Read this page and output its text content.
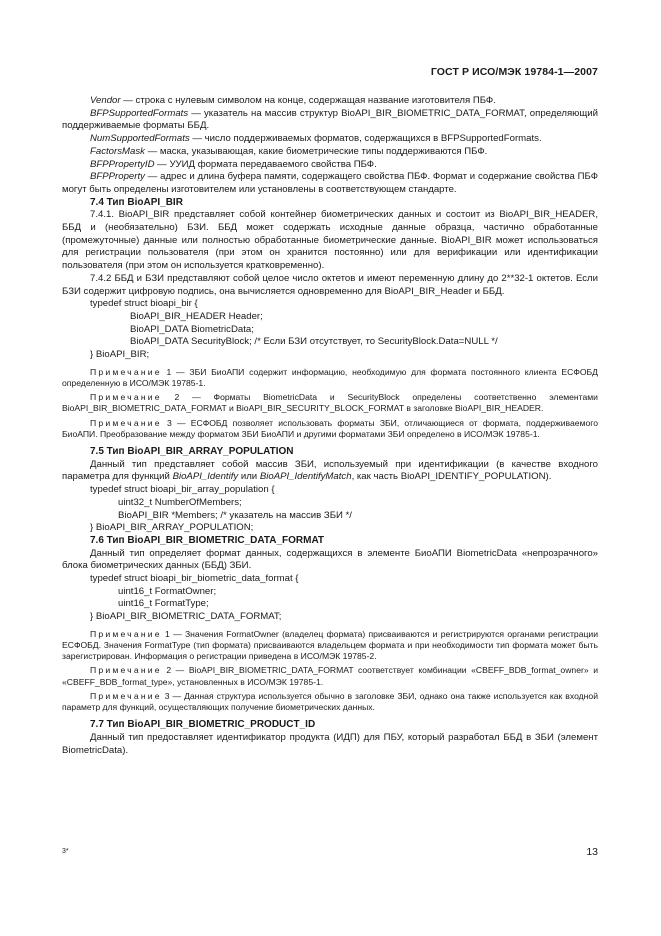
ГОСТ Р ИСО/МЭК 19784-1—2007

Vendor — строка с нулевым символом на конце, содержащая название изготовителя ПБФ.

BFPSupportedFormats — указатель на массив структур BioAPI_BIR_BIOMETRIC_DATA_FORMAT, определяющий поддерживаемые форматы ББД.

NumSupportedFormats — число поддерживаемых форматов, содержащихся в BFPSupportedFormats.

FactorsMask — маска, указывающая, какие биометрические типы поддерживаются ПБФ.

BFPPropertyID — УУИД формата передаваемого свойства ПБФ.

BFPProperty — адрес и длина буфера памяти, содержащего свойства ПБФ. Формат и содержание свойства ПБФ могут быть определены изготовителем или установлены в соответствующем стандарте.

7.4 Тип BioAPI_BIR

7.4.1. BioAPI_BIR представляет собой контейнер биометрических данных и состоит из BioAPI_BIR_HEADER, ББД и (необязательно) БЗИ. ББД может содержать исходные данные образца, частично обработанные (промежуточные) данные или полностью обработанные биометрические данные. BioAPI_BIR может использоваться для регистрации пользователя (при этом он хранится постоянно) или для верификации или идентификации пользователя (при этом он используется кратковременно).

7.4.2 ББД и БЗИ представляют собой целое число октетов и имеют переменную длину до 2**32-1 октетов. Если БЗИ содержит цифровую подпись, она вычисляется одновременно для BioAPI_BIR_Header и ББД.

typedef struct bioapi_bir {

BioAPI_BIR_HEADER Header;

BioAPI_DATA BiometricData;

BioAPI_DATA SecurityBlock; /* Если БЗИ отсутствует, то SecurityBlock.Data=NULL */

} BioAPI_BIR;

Примечание 1 — ЗБИ БиоАПИ содержит информацию, необходимую для формата постоянного клиента ЕСФОБД определенную в ИСО/МЭК 19785-1.

Примечание 2 — Форматы BiometricData и SecurityBlock определены соответственно элементами BioAPI_BIR_BIOMETRIC_DATA_FORMAT и BioAPI_BIR_SECURITY_BLOCK_FORMAT в заголовке BioAPI_BIR_HEADER.

Примечание 3 — ЕСФОБД позволяет использовать форматы ЗБИ, отличающиеся от формата, поддерживаемого БиоАПИ. Преобразование между форматом ЗБИ БиоАПИ и другими форматами ЗБИ определено в ИСО/МЭК 19785-1.

7.5 Тип BioAPI_BIR_ARRAY_POPULATION

Данный тип представляет собой массив ЗБИ, используемый при идентификации (в качестве входного параметра для функций BioAPI_Identify или BioAPI_IdentifyMatch, как часть BioAPI_IDENTIFY_POPULATION).

typedef struct bioapi_bir_array_population {

uint32_t NumberOfMembers;

BioAPI_BIR *Members; /* указатель на массив ЗБИ */

} BioAPI_BIR_ARRAY_POPULATION;

7.6 Тип BioAPI_BIR_BIOMETRIC_DATA_FORMAT

Данный тип определяет формат данных, содержащихся в элементе БиоАПИ BiometricData «непрозрачного» блока биометрических данных (ББД) ЗБИ.

typedef struct bioapi_bir_biometric_data_format {

uint16_t FormatOwner;

uint16_t FormatType;

} BioAPI_BIR_BIOMETRIC_DATA_FORMAT;

Примечание 1 — Значения FormatOwner (владелец формата) присваиваются и регистрируются органами регистрации ЕСФОБД. Значения FormatType (тип формата) присваиваются владельцем формата и при необходимости тип формата может быть зарегистрирован. Информация о регистрации приведена в ИСО/МЭК 19785-2.

Примечание 2 — BioAPI_BIR_BIOMETRIC_DATA_FORMAT соответствует комбинации «CBEFF_BDB_format_owner» и «CBEFF_BDB_format_type», установленных в ИСО/МЭК 19785-1.

Примечание 3 — Данная структура используется обычно в заголовке ЗБИ, однако она также используется как входной параметр для функций, осуществляющих получение биометрических данных.

7.7 Тип BioAPI_BIR_BIOMETRIC_PRODUCT_ID

Данный тип предоставляет идентификатор продукта (ИДП) для ПБУ, который разработал ББД в ЗБИ (элемент BiometricData).

3*	13
